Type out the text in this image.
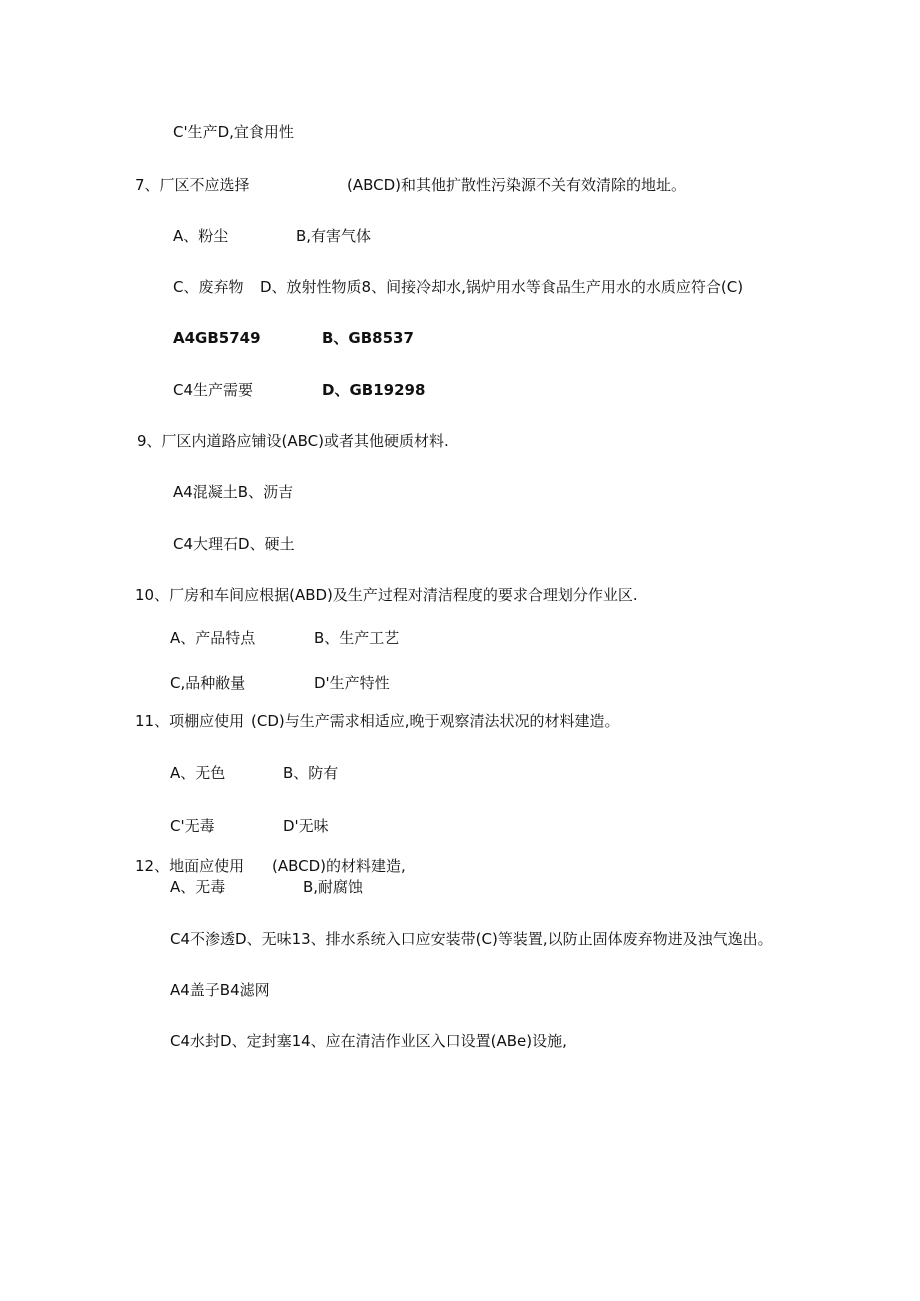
C'生产D,宜食用性
7、厂区不应选择	(ABCD)和其他扩散性污染源不关有效清除的地址。
A、粉尘	B,有害气体
C、废弃物 D、放射性物质8、间接冷却水,锅炉用水等食品生产用水的水质应符合(C)
A4GB5749	B、GB8537
C4生产需要	D、GB19298
9、厂区内道路应铺设(ABC)或者其他硬质材料.
A4混凝土B、沥吉
C4大理石D、硬土
10、厂房和车间应根据(ABD)及生产过程对清洁程度的要求合理划分作业区.
A、产品特点	B、生产工艺
C,品种敝量	D'生产特性
11、项棚应使用 (CD)与生产需求相适应,晚于观察清法状况的材料建造。
A、无色	B、防有
C'无毒	D'无味
12、地面应使用 (ABCD)的材料建造,
A、无毒	B,耐腐蚀
C4不渗透D、无味13、排水系统入口应安装带(C)等装置,以防止固体废弃物进及浊气逸出。
A4盖子B4滤网
C4水封D、定封塞14、应在清洁作业区入口设置(ABe)设施,
